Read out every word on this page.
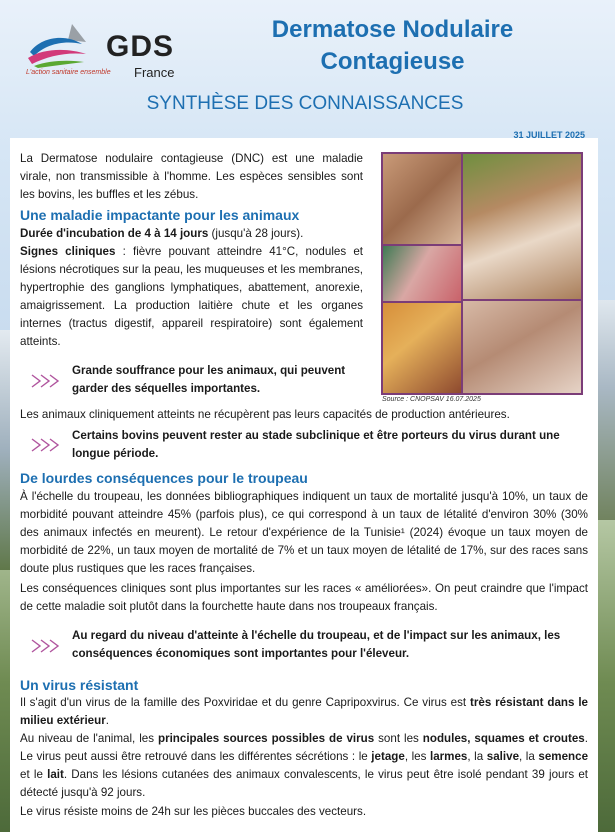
GDS
France
L'action sanitaire ensemble
Dermatose Nodulaire
Contagieuse
SYNTHÈSE DES CONNAISSANCES
31 JUILLET 2025
La Dermatose nodulaire contagieuse (DNC) est une maladie virale, non transmissible à l'homme. Les espèces sensibles sont les bovins, les buffles et les zébus.
Une maladie impactante pour les animaux
Durée d'incubation de 4 à 14 jours (jusqu'à 28 jours).
Signes cliniques : fièvre pouvant atteindre 41°C, nodules et lésions nécrotiques sur la peau, les muqueuses et les membranes, hypertrophie des ganglions lymphatiques, abattement, anorexie, amaigrissement. La production laitière chute et les organes internes (tractus digestif, appareil respiratoire) sont également atteints.
Grande souffrance pour les animaux, qui peuvent garder des séquelles importantes.
Source : CNOPSAV 16.07.2025
Les animaux cliniquement atteints ne récupèrent pas leurs capacités de production antérieures.
Certains bovins peuvent rester au stade subclinique et être porteurs du virus durant une longue période.
De lourdes conséquences pour le troupeau
À l'échelle du troupeau, les données bibliographiques indiquent un taux de mortalité jusqu'à 10%, un taux de morbidité pouvant atteindre 45% (parfois plus), ce qui correspond à un taux de létalité d'environ 30% (30% des animaux infectés en meurent). Le retour d'expérience de la Tunisie¹ (2024) évoque un taux moyen de morbidité de 22%, un taux moyen de mortalité de 7% et un taux moyen de létalité de 17%, sur des races sans doute plus rustiques que les races françaises.
Les conséquences cliniques sont plus importantes sur les races « améliorées». On peut craindre que l'impact de cette maladie soit plutôt dans la fourchette haute dans nos troupeaux français.
Au regard du niveau d'atteinte à l'échelle du troupeau, et de l'impact sur les animaux, les conséquences économiques sont importantes pour l'éleveur.
Un virus résistant
Il s'agit d'un virus de la famille des Poxviridae et du genre Capripoxvirus. Ce virus est très résistant dans le milieu extérieur.
Au niveau de l'animal, les principales sources possibles de virus sont les nodules, squames et croutes. Le virus peut aussi être retrouvé dans les différentes sécrétions : le jetage, les larmes, la salive, la semence et le lait. Dans les lésions cutanées des animaux convalescents, le virus peut être isolé pendant 39 jours et détecté jusqu'à 92 jours.
Le virus résiste moins de 24h sur les pièces buccales des vecteurs.
